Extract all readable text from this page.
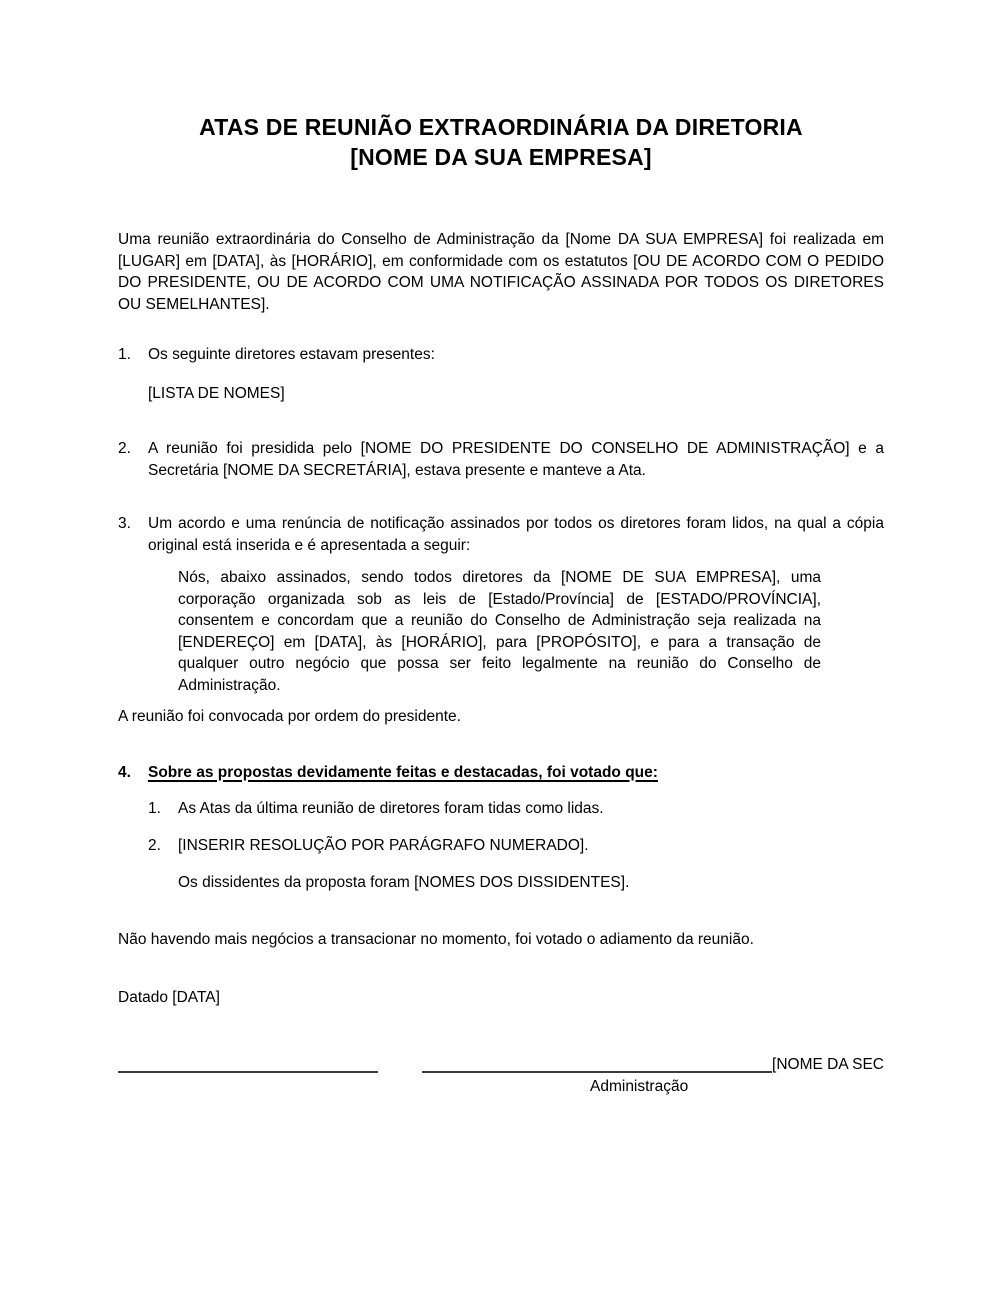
ATAS DE REUNIÃO EXTRAORDINÁRIA DA DIRETORIA
[NOME DA SUA EMPRESA]
Uma reunião extraordinária do Conselho de Administração da [Nome DA SUA EMPRESA] foi realizada em [LUGAR] em [DATA], às [HORÁRIO], em conformidade com os estatutos [OU DE ACORDO COM O PEDIDO DO PRESIDENTE, OU DE ACORDO COM UMA NOTIFICAÇÃO ASSINADA POR TODOS OS DIRETORES OU SEMELHANTES].
1.	Os seguinte diretores estavam presentes:
[LISTA DE NOMES]
2.	A reunião foi presidida pelo [NOME DO PRESIDENTE DO CONSELHO DE ADMINISTRAÇÃO] e a Secretária [NOME DA SECRETÁRIA], estava presente e manteve a Ata.
3.	Um acordo e uma renúncia de notificação assinados por todos os diretores foram lidos, na qual a cópia original está inserida e é apresentada a seguir:
Nós, abaixo assinados, sendo todos diretores da [NOME DE SUA EMPRESA], uma corporação organizada sob as leis de [Estado/Província] de [ESTADO/PROVÍNCIA], consentem e concordam que a reunião do Conselho de Administração seja realizada na [ENDEREÇO] em [DATA], às [HORÁRIO], para [PROPÓSITO], e para a transação de qualquer outro negócio que possa ser feito legalmente na reunião do Conselho de Administração.
A reunião foi convocada por ordem do presidente.
4.	Sobre as propostas devidamente feitas e destacadas, foi votado que:
1.	As Atas da última reunião de diretores foram tidas como lidas.
2.	[INSERIR RESOLUÇÃO POR PARÁGRAFO NUMERADO].
Os dissidentes da proposta foram [NOMES DOS DISSIDENTES].
Não havendo mais negócios a transacionar no momento, foi votado o adiamento da reunião.
Datado [DATA]
[NOME DA SEC
Administração
